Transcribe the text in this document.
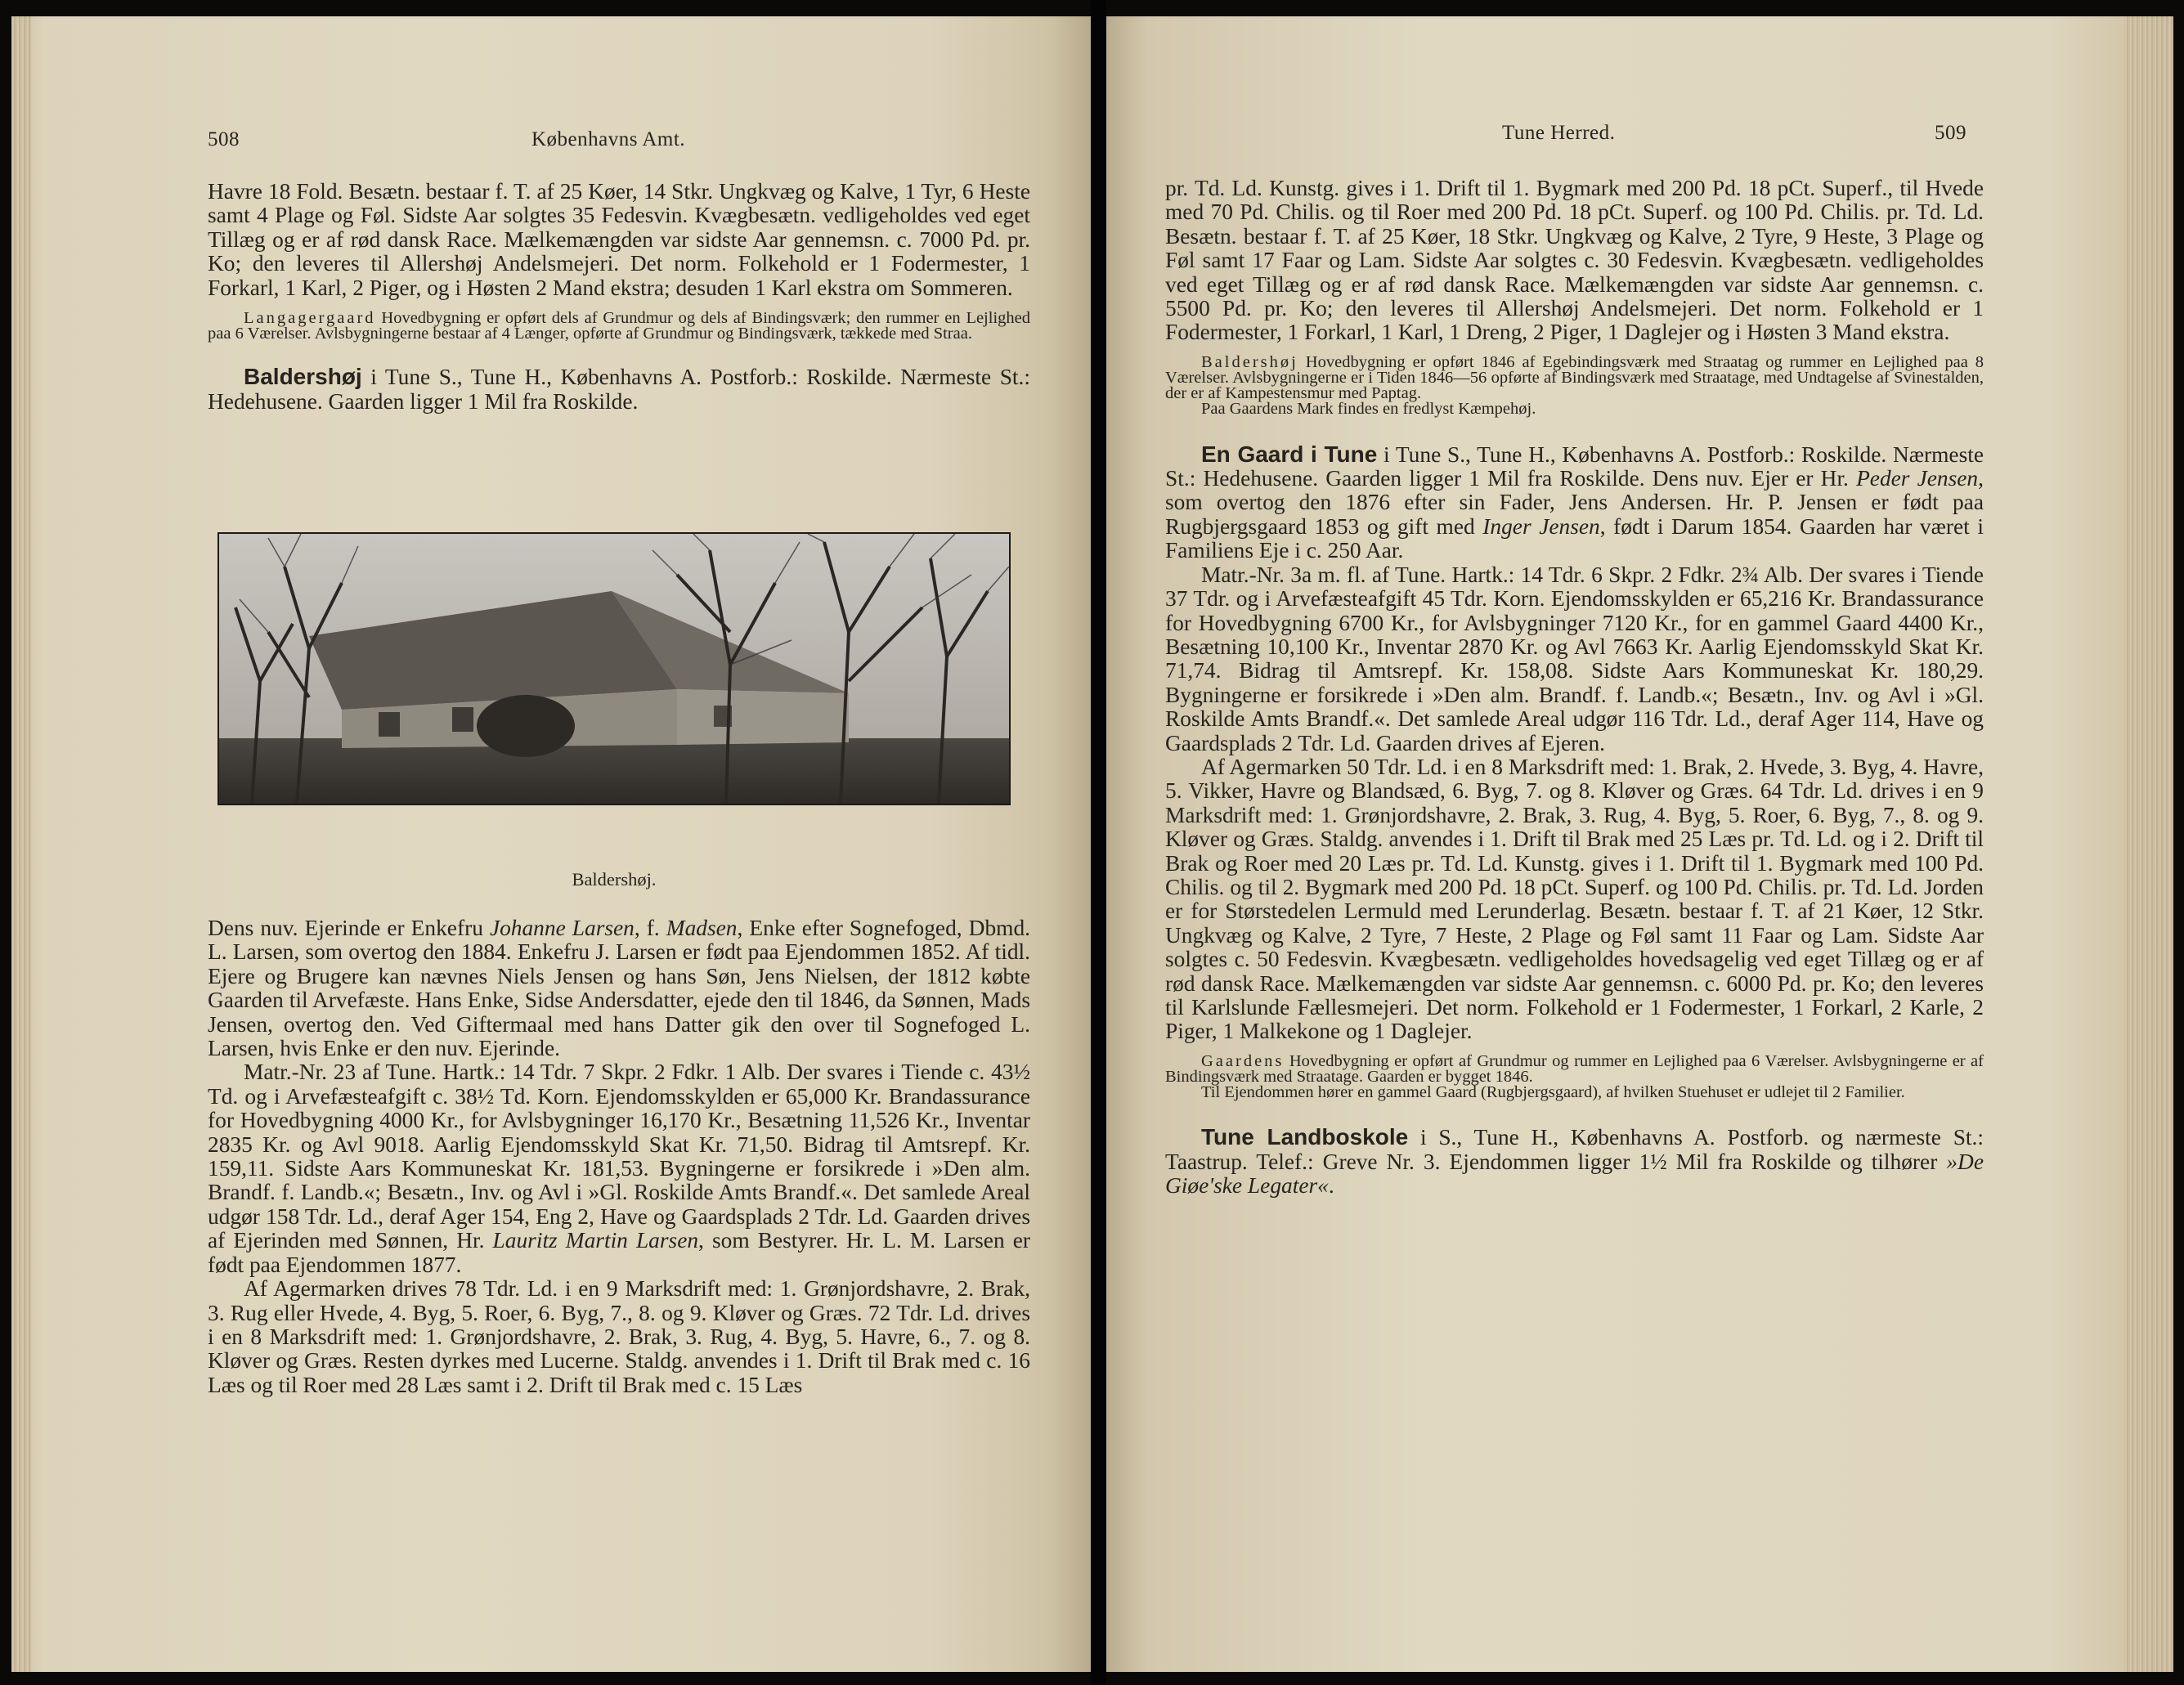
508	Københavns Amt.

Havre 18 Fold. Besætn. bestaar f. T. af 25 Køer, 14 Stkr. Ungkvæg og Kalve, 1 Tyr, 6 Heste samt 4 Plage og Føl. Sidste Aar solgtes 35 Fedesvin. Kvægbesætn. vedligeholdes ved eget Tillæg og er af rød dansk Race. Mælkemængden var sidste Aar gennemsn. c. 7000 Pd. pr. Ko; den leveres til Allershøj Andelsmejeri. Det norm. Folkehold er 1 Fodermester, 1 Forkarl, 1 Karl, 2 Piger, og i Høsten 2 Mand ekstra; desuden 1 Karl ekstra om Sommeren.

Langagergaard Hovedbygning er opført dels af Grundmur og dels af Bindingsværk; den rummer en Lejlighed paa 6 Værelser. Avlsbygningerne bestaar af 4 Længer, opførte af Grundmur og Bindingsværk, tækkede med Straa.

Baldershøj i Tune S., Tune H., Københavns A. Postforb.: Roskilde. Nærmeste St.: Hedehusene. Gaarden ligger 1 Mil fra Roskilde.

Baldershøj.

Dens nuv. Ejerinde er Enkefru Johanne Larsen, f. Madsen, Enke efter Sognefoged, Dbmd. L. Larsen, som overtog den 1884. Enkefru J. Larsen er født paa Ejendommen 1852. Af tidl. Ejere og Brugere kan nævnes Niels Jensen og hans Søn, Jens Nielsen, der 1812 købte Gaarden til Arvefæste. Hans Enke, Sidse Andersdatter, ejede den til 1846, da Sønnen, Mads Jensen, overtog den. Ved Giftermaal med hans Datter gik den over til Sognefoged L. Larsen, hvis Enke er den nuv. Ejerinde.

Matr.-Nr. 23 af Tune. Hartk.: 14 Tdr. 7 Skpr. 2 Fdkr. 1 Alb. Der svares i Tiende c. 43½ Td. og i Arvefæsteafgift c. 38½ Td. Korn. Ejendomsskylden er 65,000 Kr. Brandassurance for Hovedbygning 4000 Kr., for Avlsbygninger 16,170 Kr., Besætning 11,526 Kr., Inventar 2835 Kr. og Avl 9018. Aarlig Ejendomsskyld Skat Kr. 71,50. Bidrag til Amtsrepf. Kr. 159,11. Sidste Aars Kommuneskat Kr. 181,53. Bygningerne er forsikrede i »Den alm. Brandf. f. Landb.«; Besætn., Inv. og Avl i »Gl. Roskilde Amts Brandf.«. Det samlede Areal udgør 158 Tdr. Ld., deraf Ager 154, Eng 2, Have og Gaardsplads 2 Tdr. Ld. Gaarden drives af Ejerinden med Sønnen, Hr. Lauritz Martin Larsen, som Bestyrer. Hr. L. M. Larsen er født paa Ejendommen 1877.

Af Agermarken drives 78 Tdr. Ld. i en 9 Marksdrift med: 1. Grønjordshavre, 2. Brak, 3. Rug eller Hvede, 4. Byg, 5. Roer, 6. Byg, 7., 8. og 9. Kløver og Græs. 72 Tdr. Ld. drives i en 8 Marksdrift med: 1. Grønjordshavre, 2. Brak, 3. Rug, 4. Byg, 5. Havre, 6., 7. og 8. Kløver og Græs. Resten dyrkes med Lucerne. Staldg. anvendes i 1. Drift til Brak med c. 16 Læs og til Roer med 28 Læs samt i 2. Drift til Brak med c. 15 Læs

Tune Herred.	509

pr. Td. Ld. Kunstg. gives i 1. Drift til 1. Bygmark med 200 Pd. 18 pCt. Superf., til Hvede med 70 Pd. Chilis. og til Roer med 200 Pd. 18 pCt. Superf. og 100 Pd. Chilis. pr. Td. Ld. Besætn. bestaar f. T. af 25 Køer, 18 Stkr. Ungkvæg og Kalve, 2 Tyre, 9 Heste, 3 Plage og Føl samt 17 Faar og Lam. Sidste Aar solgtes c. 30 Fedesvin. Kvægbesætn. vedligeholdes ved eget Tillæg og er af rød dansk Race. Mælkemængden var sidste Aar gennemsn. c. 5500 Pd. pr. Ko; den leveres til Allershøj Andelsmejeri. Det norm. Folkehold er 1 Fodermester, 1 Forkarl, 1 Karl, 1 Dreng, 2 Piger, 1 Daglejer og i Høsten 3 Mand ekstra.

Baldershøj Hovedbygning er opført 1846 af Egebindingsværk med Straatag og rummer en Lejlighed paa 8 Værelser. Avlsbygningerne er i Tiden 1846—56 opførte af Bindingsværk med Straatage, med Undtagelse af Svinestalden, der er af Kampestensmur med Paptag.

Paa Gaardens Mark findes en fredlyst Kæmpehøj.

En Gaard i Tune i Tune S., Tune H., Københavns A. Postforb.: Roskilde. Nærmeste St.: Hedehusene. Gaarden ligger 1 Mil fra Roskilde. Dens nuv. Ejer er Hr. Peder Jensen, som overtog den 1876 efter sin Fader, Jens Andersen. Hr. P. Jensen er født paa Rugbjergsgaard 1853 og gift med Inger Jensen, født i Darum 1854. Gaarden har været i Familiens Eje i c. 250 Aar.

Matr.-Nr. 3a m. fl. af Tune. Hartk.: 14 Tdr. 6 Skpr. 2 Fdkr. 2¾ Alb. Der svares i Tiende 37 Tdr. og i Arvefæsteafgift 45 Tdr. Korn. Ejendomsskylden er 65,216 Kr. Brandassurance for Hovedbygning 6700 Kr., for Avlsbygninger 7120 Kr., for en gammel Gaard 4400 Kr., Besætning 10,100 Kr., Inventar 2870 Kr. og Avl 7663 Kr. Aarlig Ejendomsskyld Skat Kr. 71,74. Bidrag til Amtsrepf. Kr. 158,08. Sidste Aars Kommuneskat Kr. 180,29. Bygningerne er forsikrede i »Den alm. Brandf. f. Landb.«; Besætn., Inv. og Avl i »Gl. Roskilde Amts Brandf.«. Det samlede Areal udgør 116 Tdr. Ld., deraf Ager 114, Have og Gaardsplads 2 Tdr. Ld. Gaarden drives af Ejeren.

Af Agermarken 50 Tdr. Ld. i en 8 Marksdrift med: 1. Brak, 2. Hvede, 3. Byg, 4. Havre, 5. Vikker, Havre og Blandsæd, 6. Byg, 7. og 8. Kløver og Græs. 64 Tdr. Ld. drives i en 9 Marksdrift med: 1. Grønjordshavre, 2. Brak, 3. Rug, 4. Byg, 5. Roer, 6. Byg, 7., 8. og 9. Kløver og Græs. Staldg. anvendes i 1. Drift til Brak med 25 Læs pr. Td. Ld. og i 2. Drift til Brak og Roer med 20 Læs pr. Td. Ld. Kunstg. gives i 1. Drift til 1. Bygmark med 100 Pd. Chilis. og til 2. Bygmark med 200 Pd. 18 pCt. Superf. og 100 Pd. Chilis. pr. Td. Ld. Jorden er for Størstedelen Lermuld med Lerunderlag. Besætn. bestaar f. T. af 21 Køer, 12 Stkr. Ungkvæg og Kalve, 2 Tyre, 7 Heste, 2 Plage og Føl samt 11 Faar og Lam. Sidste Aar solgtes c. 50 Fedesvin. Kvægbesætn. vedligeholdes hovedsagelig ved eget Tillæg og er af rød dansk Race. Mælkemængden var sidste Aar gennemsn. c. 6000 Pd. pr. Ko; den leveres til Karlslunde Fællesmejeri. Det norm. Folkehold er 1 Fodermester, 1 Forkarl, 2 Karle, 2 Piger, 1 Malkekone og 1 Daglejer.

Gaardens Hovedbygning er opført af Grundmur og rummer en Lejlighed paa 6 Værelser. Avlsbygningerne er af Bindingsværk med Straatage. Gaarden er bygget 1846.

Til Ejendommen hører en gammel Gaard (Rugbjergsgaard), af hvilken Stuehuset er udlejet til 2 Familier.

Tune Landboskole i S., Tune H., Københavns A. Postforb. og nærmeste St.: Taastrup. Telef.: Greve Nr. 3. Ejendommen ligger 1½ Mil fra Roskilde og tilhører »De Giøe'ske Legater«.
